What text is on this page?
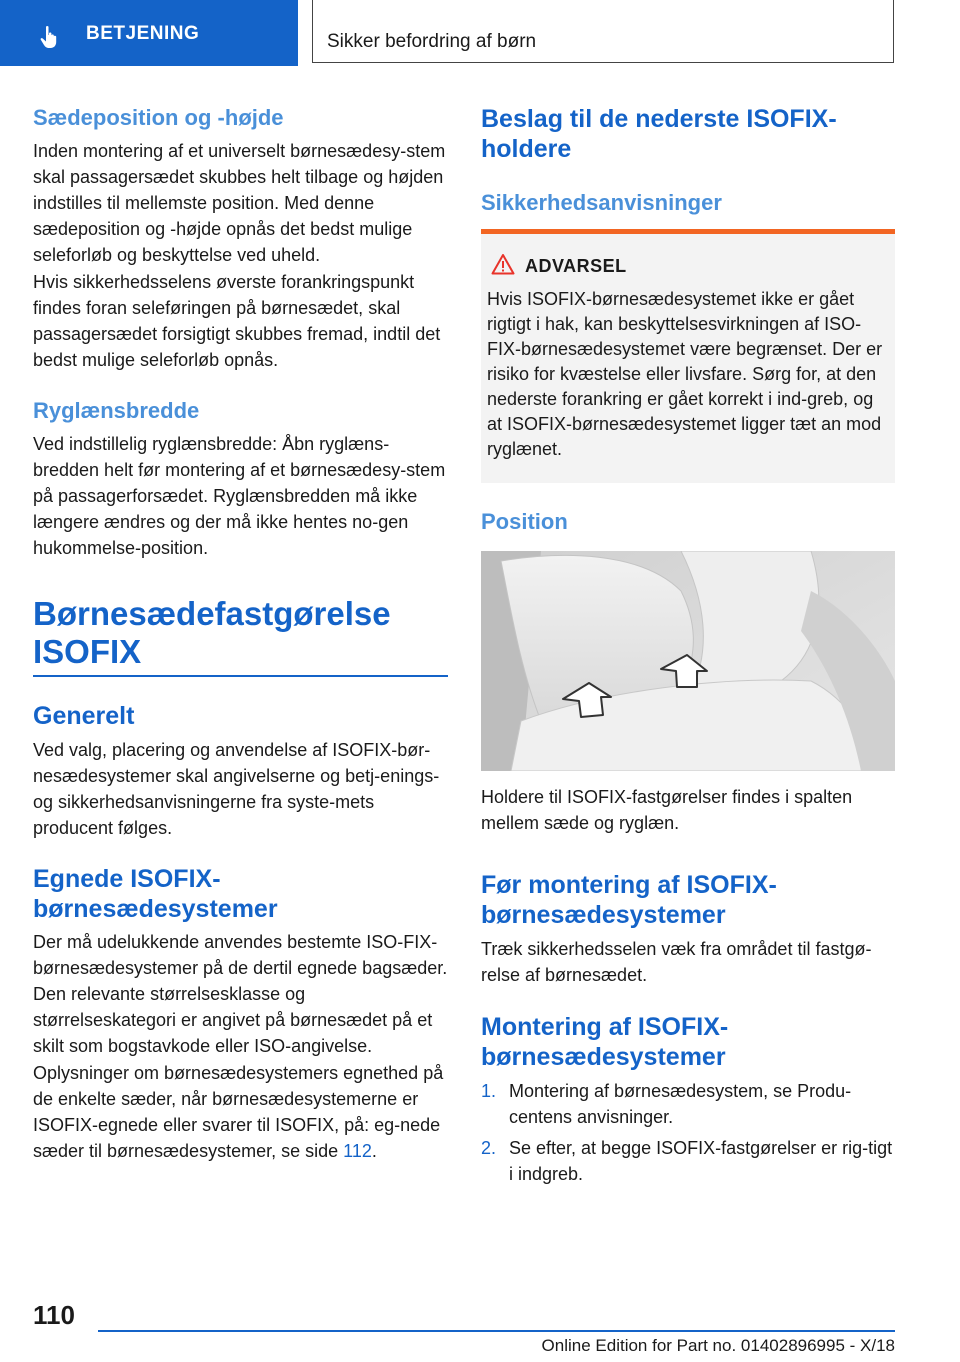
BETJENING	Sikker befordring af børn
Sædeposition og -højde

Inden montering af et universelt børnesædesy-stem skal passagersædet skubbes helt tilbage og højden indstilles til mellemste position. Med denne sædeposition og -højde opnås det bedst mulige seleforløb og beskyttelse ved uheld.

Hvis sikkerhedsselens øverste forankringspunkt findes foran seleføringen på børnesædet, skal passagersædet forsigtigt skubbes fremad, indtil det bedst mulige seleforløb opnås.

Ryglænsbredde

Ved indstillelig ryglænsbredde: Åbn ryglæns-bredden helt før montering af et børnesædesy-stem på passagerforsædet. Ryglænsbredden må ikke længere ændres og der må ikke hentes no-gen hukommelse-position.

Børnesædefastgørelse
ISOFIX
Generelt

Ved valg, placering og anvendelse af ISOFIX-bør-nesædesystemer skal angivelserne og betj-enings- og sikkerhedsanvisningerne fra syste-mets producent følges.

Egnede ISOFIX-
børnesædesystemer

Der må udelukkende anvendes bestemte ISO-FIX-børnesædesystemer på de dertil egnede bagsæder. Den relevante størrelsesklasse og størrelseskategori er angivet på børnesædet på et skilt som bogstavkode eller ISO-angivelse.

Oplysninger om børnesædesystemers egnethed på de enkelte sæder, når børnesædesystemerne er ISOFIX-egnede eller svarer til ISOFIX, på: eg-nede sæder til børnesædesystemer, se side 112.

Beslag til de nederste ISOFIX-
holdere
Sikkerhedsanvisninger
ADVARSEL

Hvis ISOFIX-børnesædesystemet ikke er gået rigtigt i hak, kan beskyttelsesvirkningen af ISO-FIX-børnesædesystemet være begrænset. Der er risiko for kvæstelse eller livsfare. Sørg for, at den nederste forankring er gået korrekt i ind-greb, og at ISOFIX-børnesædesystemet ligger tæt an mod ryglænet.

Position

Holdere til ISOFIX-fastgørelser findes i spalten mellem sæde og ryglæn.

Før montering af ISOFIX-
børnesædesystemer

Træk sikkerhedsselen væk fra området til fastgø-relse af børnesædet.

Montering af ISOFIX-
børnesædesystemer
1. Montering af børnesædesystem, se Produ-centens anvisninger.
2. Se efter, at begge ISOFIX-fastgørelser er rig-tigt i indgreb.
110
Online Edition for Part no. 01402896995 - X/18
